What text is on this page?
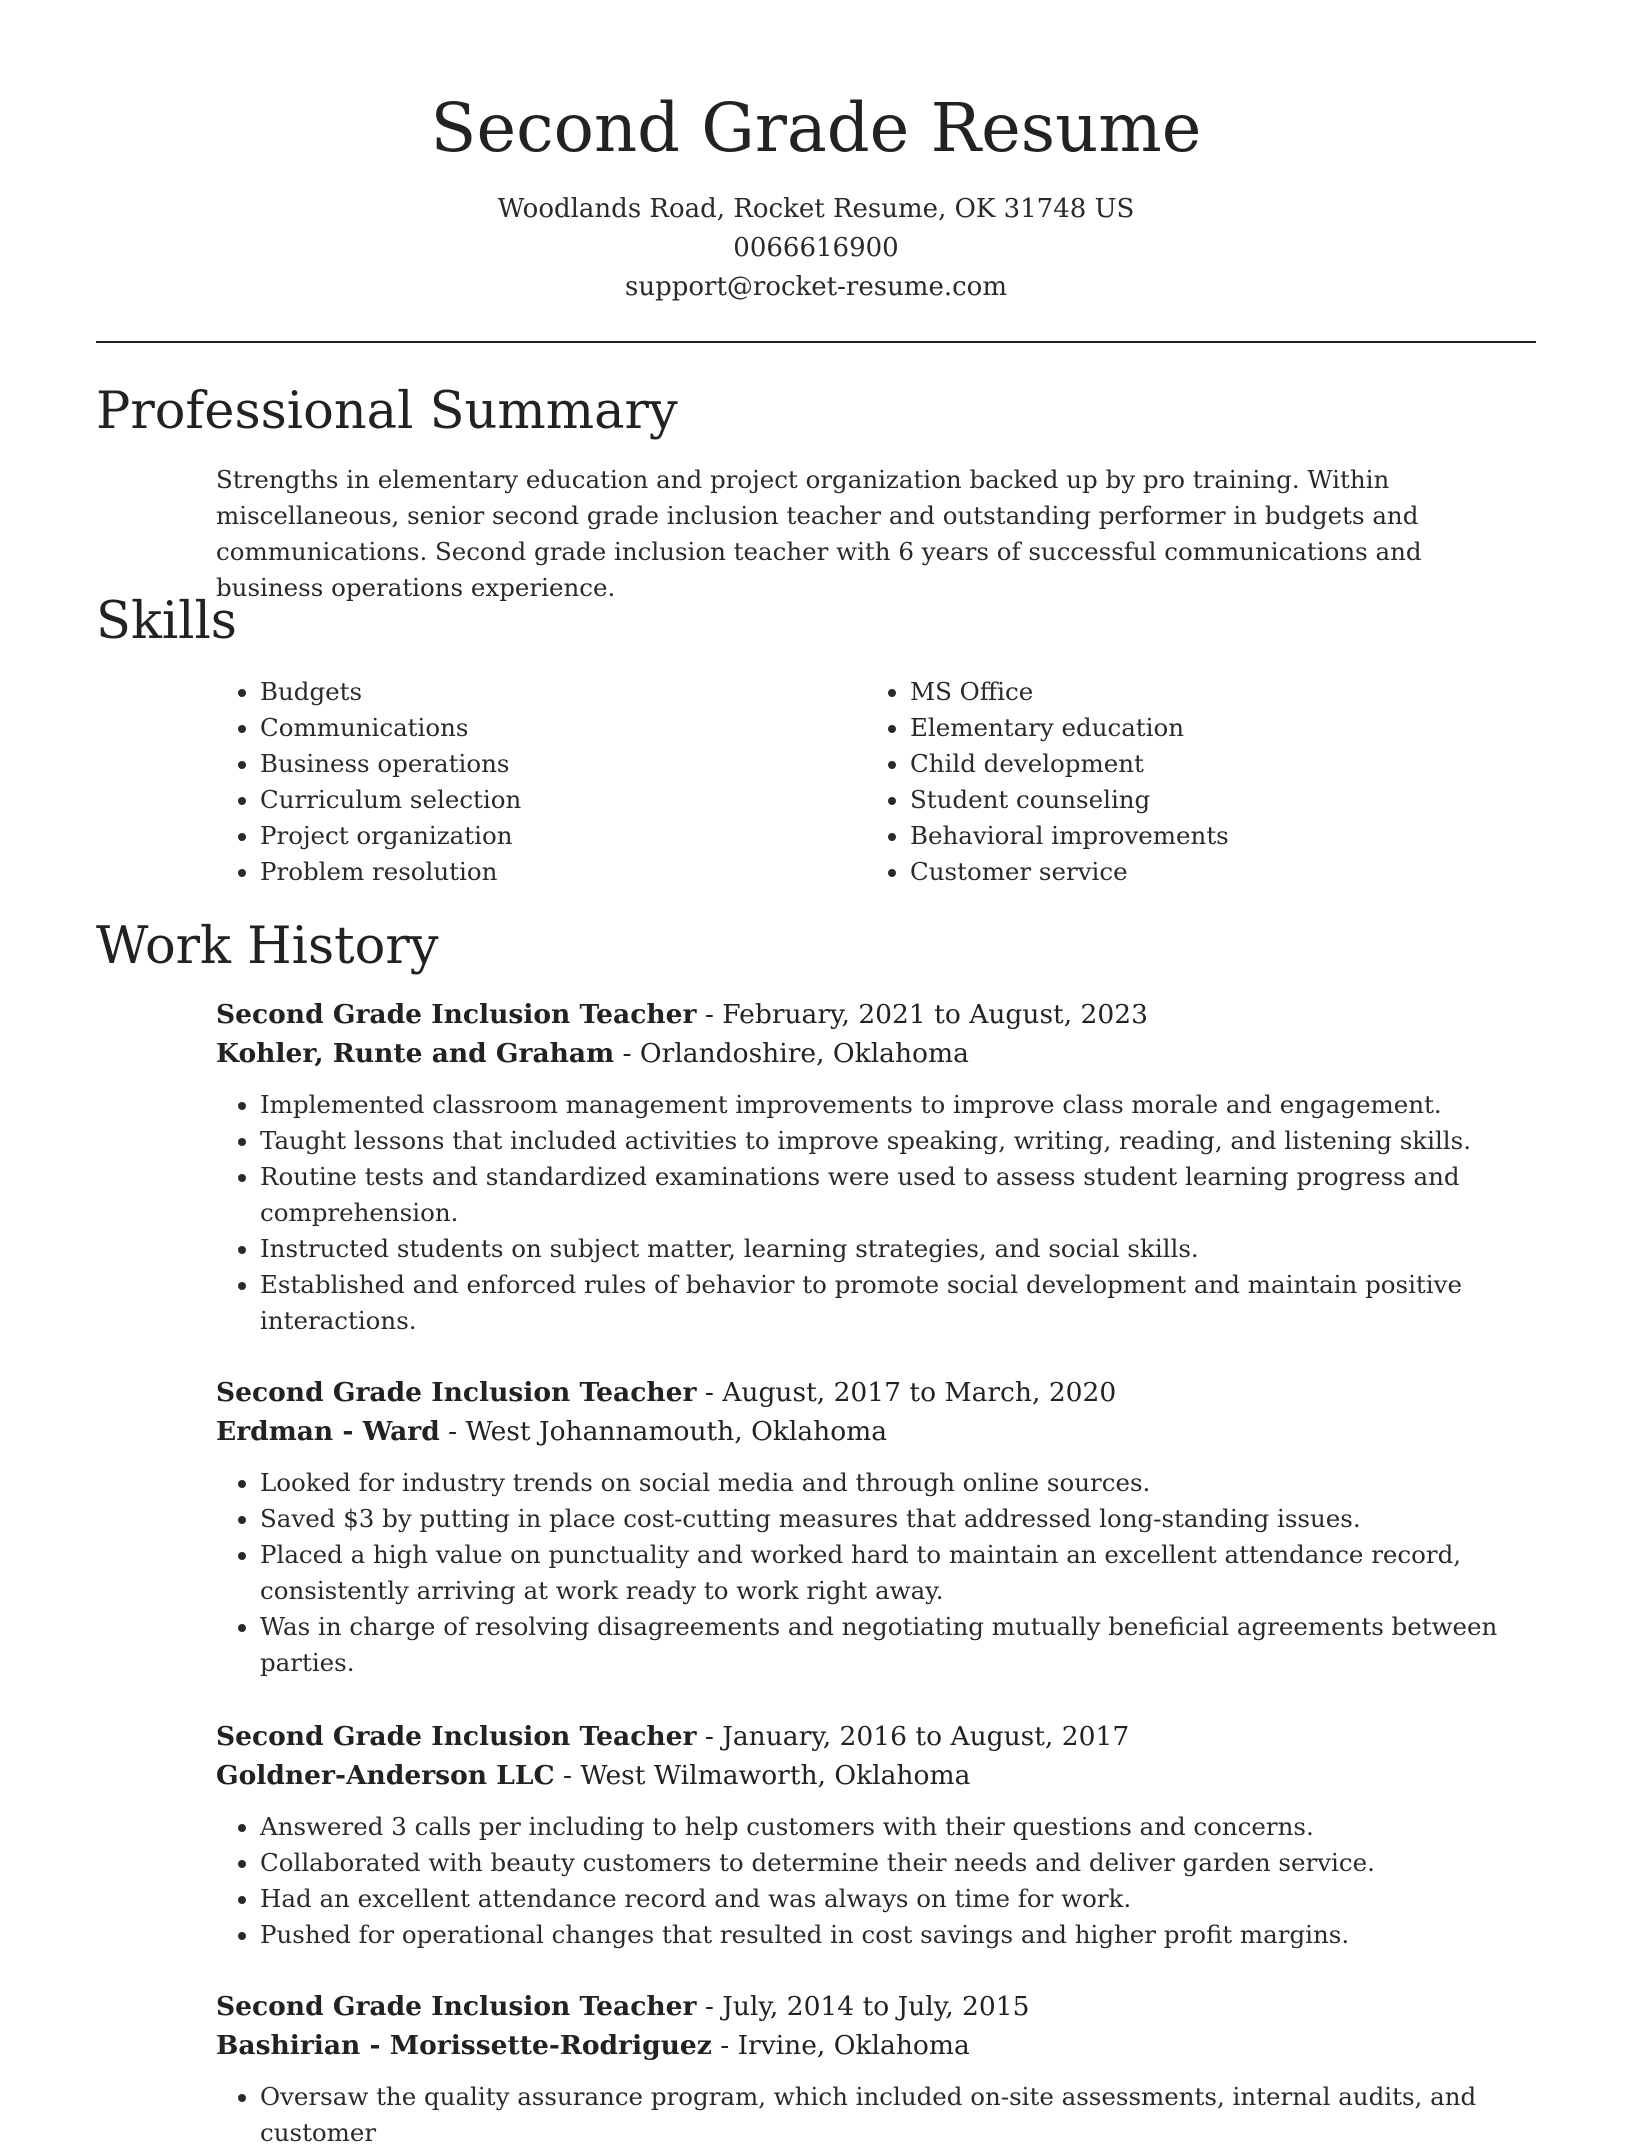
Second Grade Resume
Woodlands Road, Rocket Resume, OK 31748 US
0066616900
support@rocket-resume.com
Professional Summary

Strengths in elementary education and project organization backed up by pro training. Within miscellaneous, senior second grade inclusion teacher and outstanding performer in budgets and communications. Second grade inclusion teacher with 6 years of successful communications and business operations experience.

Skills
• Budgets
• Communications
• Business operations
• Curriculum selection
• Project organization
• Problem resolution
• MS Office
• Elementary education
• Child development
• Student counseling
• Behavioral improvements
• Customer service
Work History
Second Grade Inclusion Teacher - February, 2021 to August, 2023
Kohler, Runte and Graham - Orlandoshire, Oklahoma
• Implemented classroom management improvements to improve class morale and engagement.
• Taught lessons that included activities to improve speaking, writing, reading, and listening skills.
• Routine tests and standardized examinations were used to assess student learning progress and comprehension.
• Instructed students on subject matter, learning strategies, and social skills.
• Established and enforced rules of behavior to promote social development and maintain positive interactions.
Second Grade Inclusion Teacher - August, 2017 to March, 2020
Erdman - Ward - West Johannamouth, Oklahoma
• Looked for industry trends on social media and through online sources.
• Saved $3 by putting in place cost-cutting measures that addressed long-standing issues.
• Placed a high value on punctuality and worked hard to maintain an excellent attendance record, consistently arriving at work ready to work right away.
• Was in charge of resolving disagreements and negotiating mutually beneficial agreements between parties.
Second Grade Inclusion Teacher - January, 2016 to August, 2017
Goldner-Anderson LLC - West Wilmaworth, Oklahoma
• Answered 3 calls per including to help customers with their questions and concerns.
• Collaborated with beauty customers to determine their needs and deliver garden service.
• Had an excellent attendance record and was always on time for work.
• Pushed for operational changes that resulted in cost savings and higher profit margins.
Second Grade Inclusion Teacher - July, 2014 to July, 2015
Bashirian - Morissette-Rodriguez - Irvine, Oklahoma
• Oversaw the quality assurance program, which included on-site assessments, internal audits, and customer
